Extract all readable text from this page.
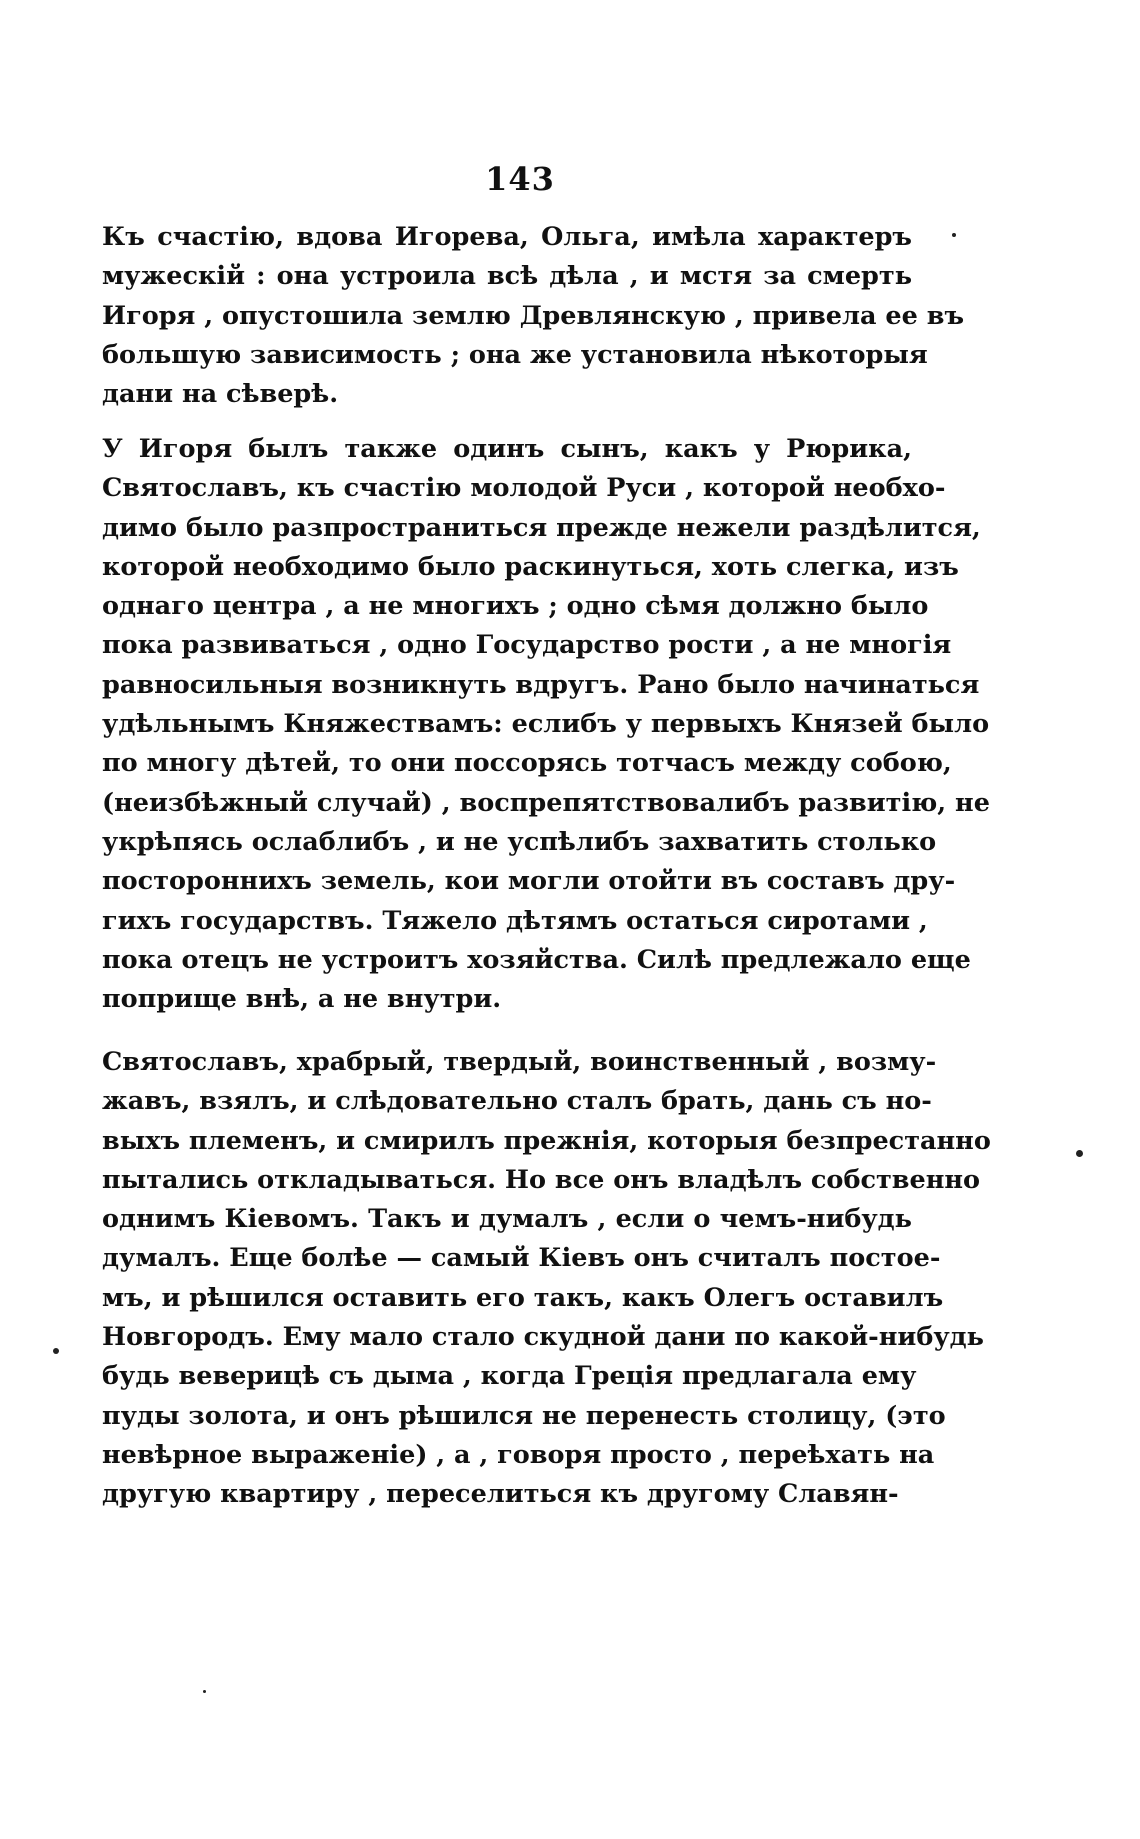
143
Къ счастію, вдова Игорева, Ольга, имѣла характеръ
мужескій : она устроила всѣ дѣла , и мстя за смерть
Игоря , опустошила землю Древлянскую , привела ее въ
большую зависимость ; она же установила нѣкоторыя
дани на сѣверѣ.
У Игоря былъ также одинъ сынъ, какъ у Рюрика,
Святославъ, къ счастію молодой Руси , которой необхо-
димо было разпространиться прежде нежели раздѣлится,
которой необходимо было раскинуться, хоть слегка, изъ
однаго центра , а не многихъ ; одно сѣмя должно было
пока развиваться , одно Государство рости , а не многія
равносильныя возникнуть вдругъ. Рано было начинаться
удѣльнымъ Княжествамъ: еслибъ у первыхъ Князей было
по многу дѣтей, то они поссорясь тотчасъ между собою,
(неизбѣжный случай) , воспрепятствовалибъ развитію, не
укрѣпясь ослаблибъ , и не успѣлибъ захватить столько
постороннихъ земель, кои могли отойти въ составъ дру-
гихъ государствъ. Тяжело дѣтямъ остаться сиротами ,
пока отецъ не устроитъ хозяйства. Силѣ предлежало еще
поприще внѣ, а не внутри.
Святославъ, храбрый, твердый, воинственный , возму-
жавъ, взялъ, и слѣдовательно сталъ брать, дань съ но-
выхъ племенъ, и смирилъ прежнія, которыя безпрестанно
пытались откладываться. Но все онъ владѣлъ собственно
однимъ Кіевомъ. Такъ и думалъ , если о чемъ-нибудь
думалъ. Еще болѣе — самый Кіевъ онъ считалъ постое-
мъ, и рѣшился оставить его такъ, какъ Олегъ оставилъ
Новгородъ. Ему мало стало скудной дани по какой-нибудь
будь веверицѣ съ дыма , когда Греція предлагала ему
пуды золота, и онъ рѣшился не перенесть столицу, (это
невѣрное выраженіе) , а , говоря просто , переѣхать на
другую квартиру , переселиться къ другому Славян-
